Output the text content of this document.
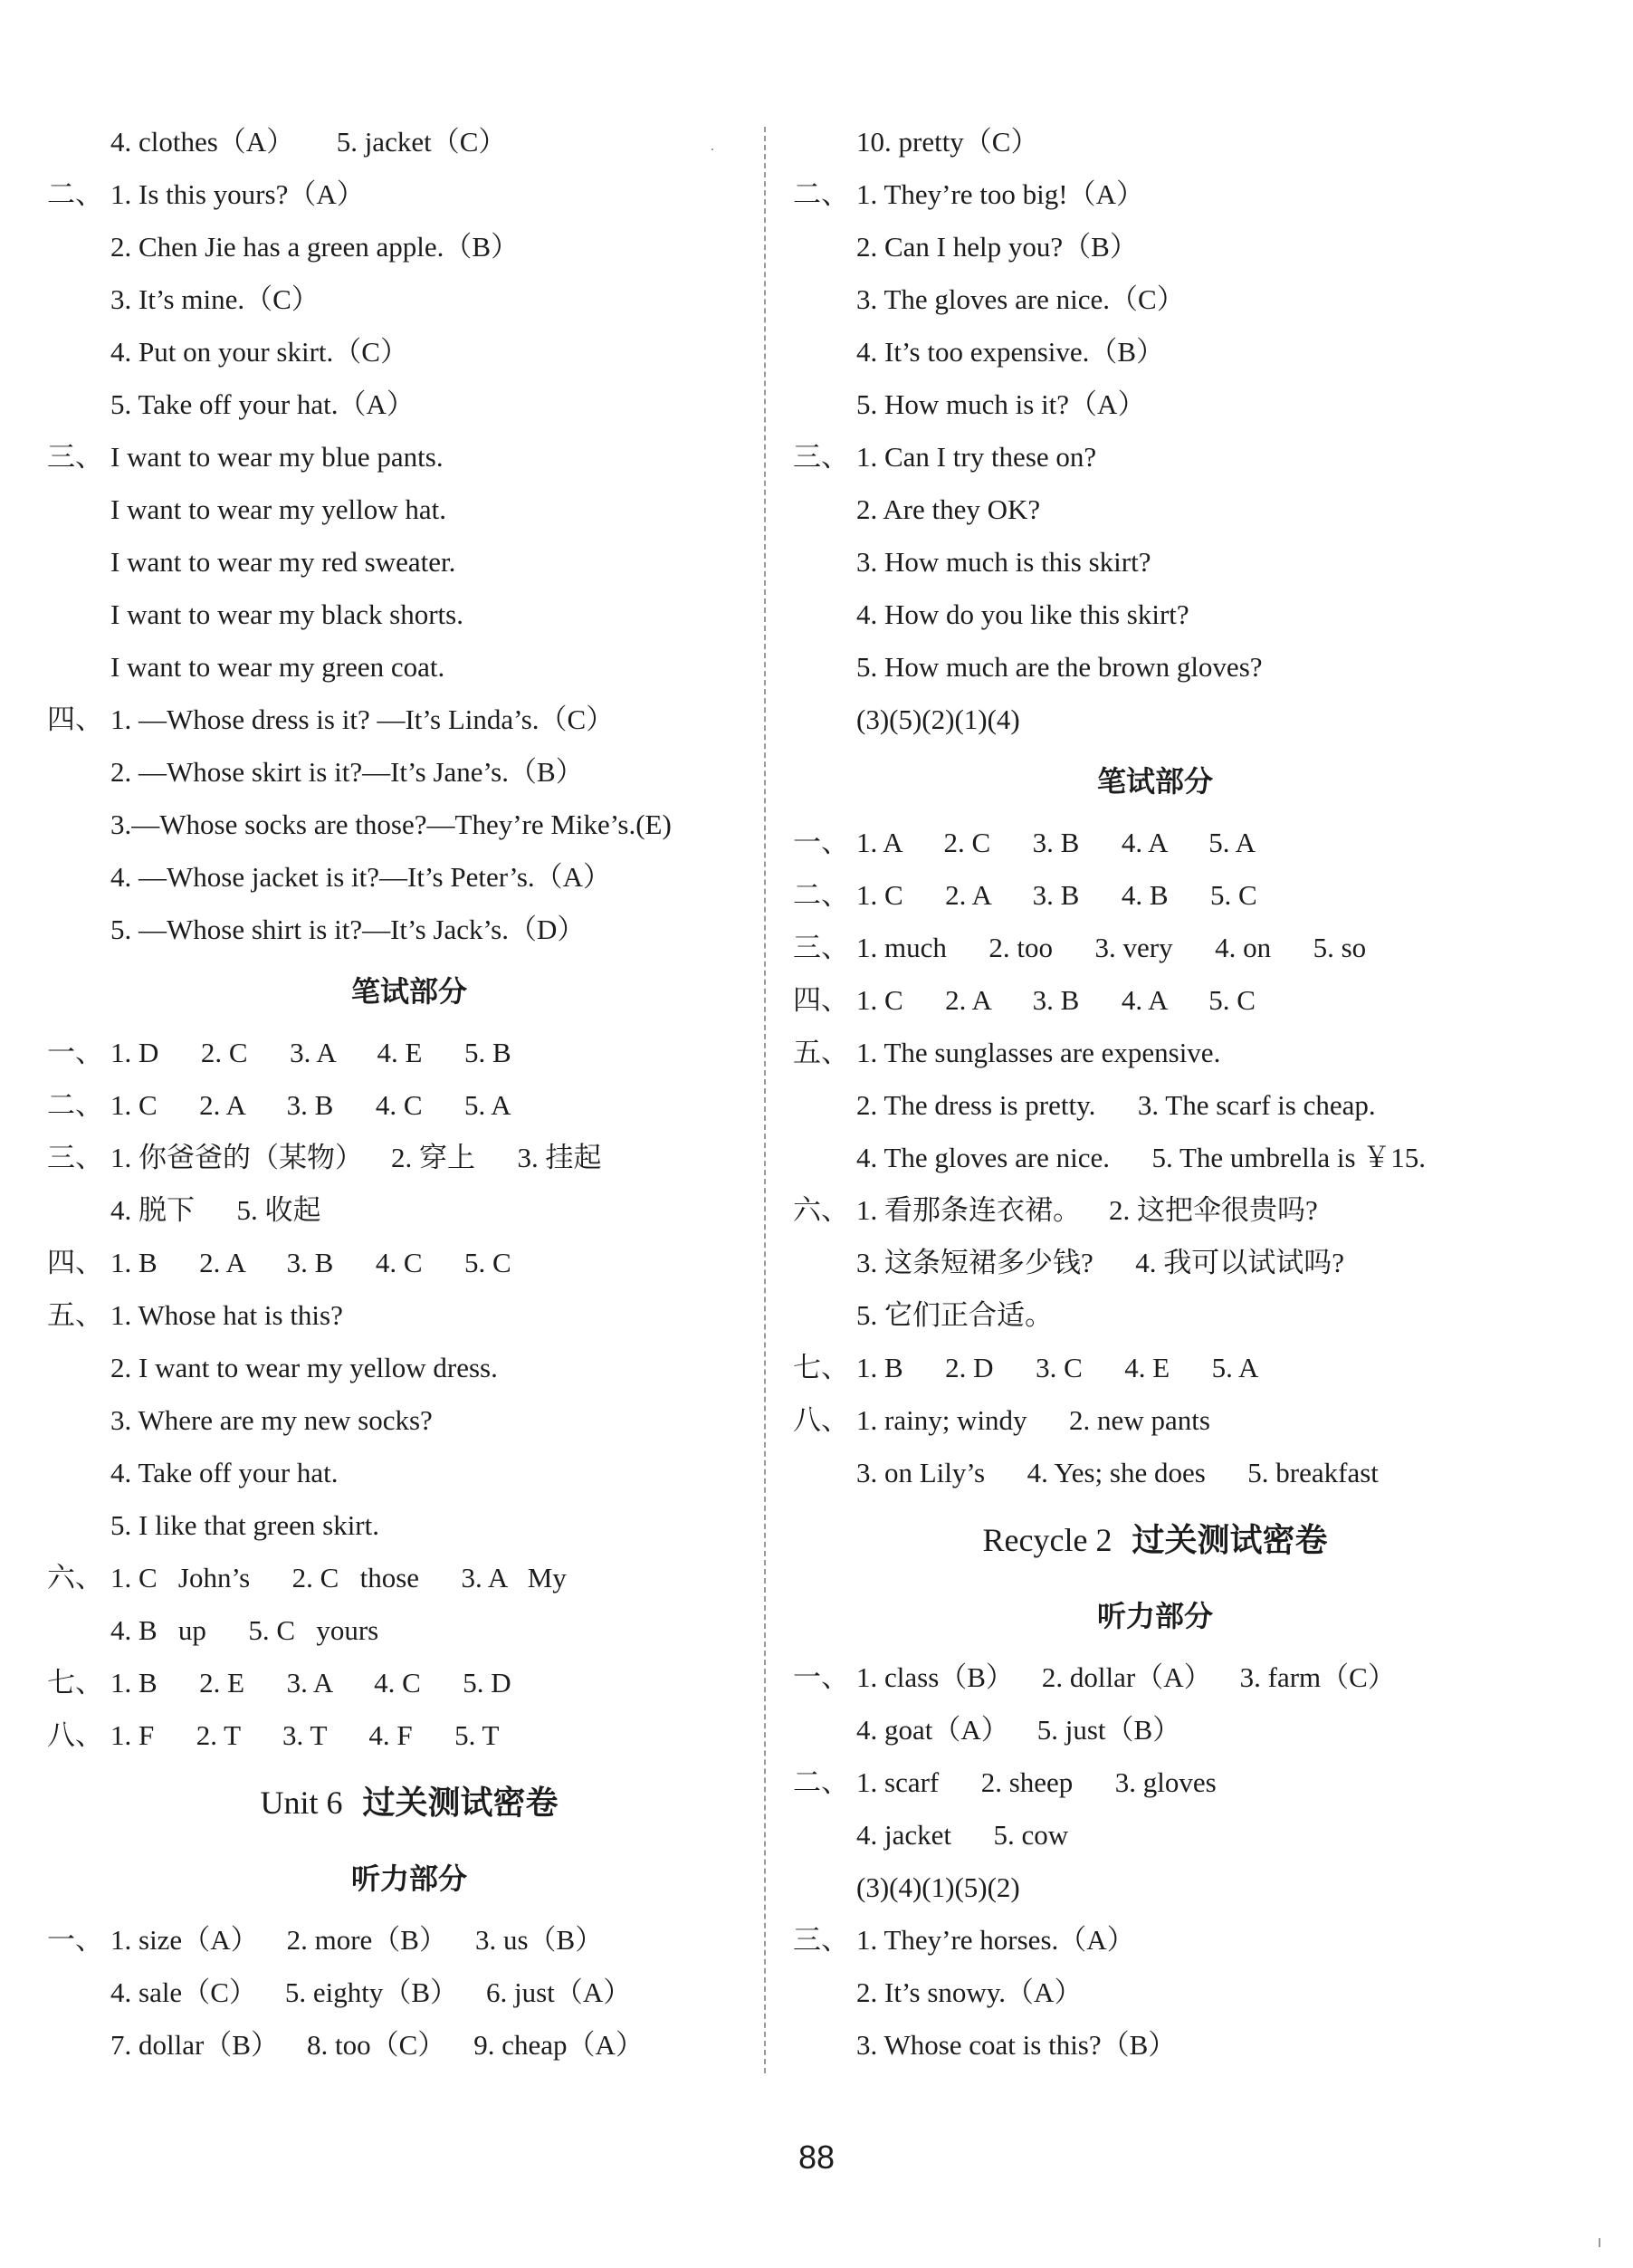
4. clothes（A）      5. jacket（C）
二、 1. Is this yours?（A）
2. Chen Jie has a green apple.（B）
3. It’s mine.（C）
4. Put on your skirt.（C）
5. Take off your hat.（A）
三、 I want to wear my blue pants.
I want to wear my yellow hat.
I want to wear my red sweater.
I want to wear my black shorts.
I want to wear my green coat.
四、 1. —Whose dress is it? —It’s Linda’s.（C）
2. —Whose skirt is it?—It’s Jane’s.（B）
3.—Whose socks are those?—They’re Mike’s.(E)
4. —Whose jacket is it?—It’s Peter’s.（A）
5. —Whose shirt is it?—It’s Jack’s.（D）
笔试部分
一、 1. D      2. C      3. A      4. E      5. B
二、 1. C      2. A      3. B      4. C      5. A
三、 1. 你爸爸的（某物）    2. 穿上      3. 挂起
4. 脱下      5. 收起
四、 1. B      2. A      3. B      4. C      5. C
五、 1. Whose hat is this?
2. I want to wear my yellow dress.
3. Where are my new socks?
4. Take off your hat.
5. I like that green skirt.
六、 1. C   John’s      2. C   those      3. A   My
4. B   up      5. C   yours
七、 1. B      2. E      3. A      4. C      5. D
八、 1. F      2. T      3. T      4. F      5. T
Unit 6 过关测试密卷
听力部分
一、 1. size（A）    2. more（B）    3. us（B）
4. sale（C）    5. eighty（B）    6. just（A）
7. dollar（B）    8. too（C）    9. cheap（A）
10. pretty（C）
二、 1. They’re too big!（A）
2. Can I help you?（B）
3. The gloves are nice.（C）
4. It’s too expensive.（B）
5. How much is it?（A）
三、 1. Can I try these on?
2. Are they OK?
3. How much is this skirt?
4. How do you like this skirt?
5. How much are the brown gloves?
(3)(5)(2)(1)(4)
笔试部分
一、 1. A      2. C      3. B      4. A      5. A
二、 1. C      2. A      3. B      4. B      5. C
三、 1. much      2. too      3. very      4. on      5. so
四、 1. C      2. A      3. B      4. A      5. C
五、 1. The sunglasses are expensive.
2. The dress is pretty.      3. The scarf is cheap.
4. The gloves are nice.      5. The umbrella is ￥15.
六、 1. 看那条连衣裙。    2. 这把伞很贵吗?
3. 这条短裙多少钱?      4. 我可以试试吗?
5. 它们正合适。
七、 1. B      2. D      3. C      4. E      5. A
八、 1. rainy; windy      2. new pants
3. on Lily’s      4. Yes; she does      5. breakfast
Recycle 2 过关测试密卷
听力部分
一、 1. class（B）    2. dollar（A）    3. farm（C）
4. goat（A）    5. just（B）
二、 1. scarf      2. sheep      3. gloves
4. jacket      5. cow
(3)(4)(1)(5)(2)
三、 1. They’re horses.（A）
2. It’s snowy.（A）
3. Whose coat is this?（B）
88
